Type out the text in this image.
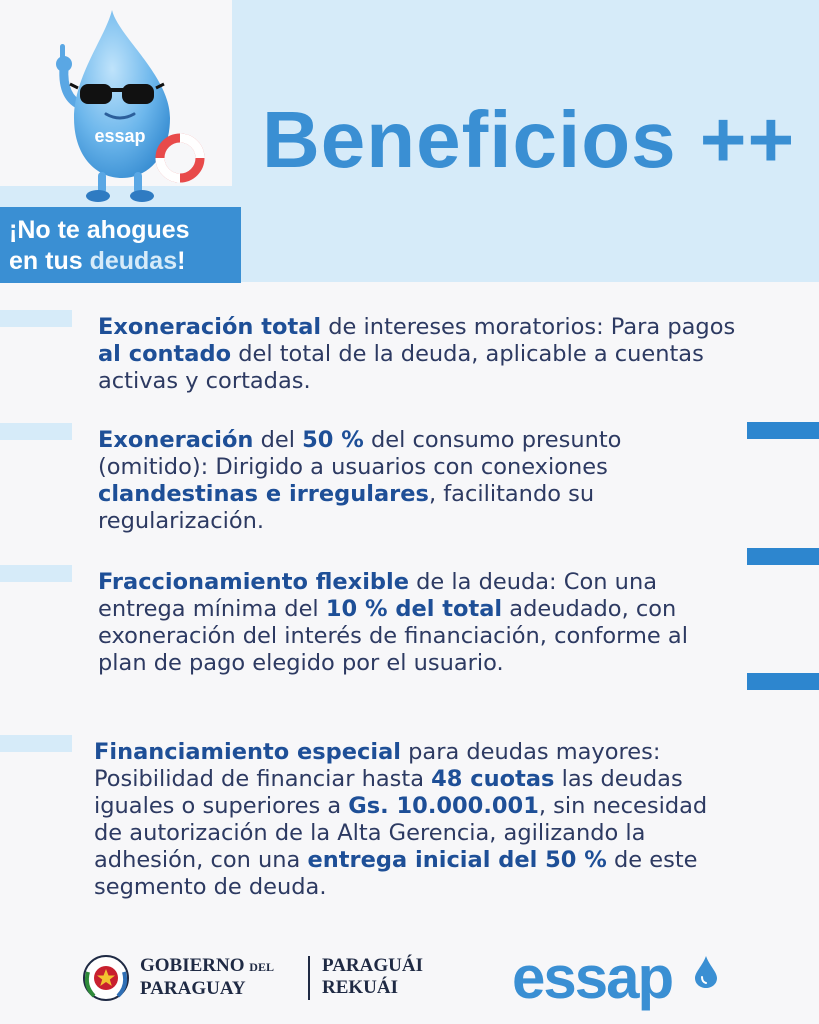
essap
¡No te ahogues
en tus deudas!
Beneficios ++
Exoneración total de intereses moratorios: Para pagos al contado del total de la deuda, aplicable a cuentas activas y cortadas.
Exoneración del 50 % del consumo presunto (omitido): Dirigido a usuarios con conexiones clandestinas e irregulares, facilitando su regularización.
Fraccionamiento flexible de la deuda: Con una entrega mínima del 10 % del total adeudado, con exoneración del interés de financiación, conforme al plan de pago elegido por el usuario.
Financiamiento especial para deudas mayores: Posibilidad de financiar hasta 48 cuotas las deudas iguales o superiores a Gs. 10.000.001, sin necesidad de autorización de la Alta Gerencia, agilizando la adhesión, con una entrega inicial del 50 % de este segmento de deuda.
GOBIERNO DEL
PARAGUAY
PARAGUÁI
REKUÁI	essap
